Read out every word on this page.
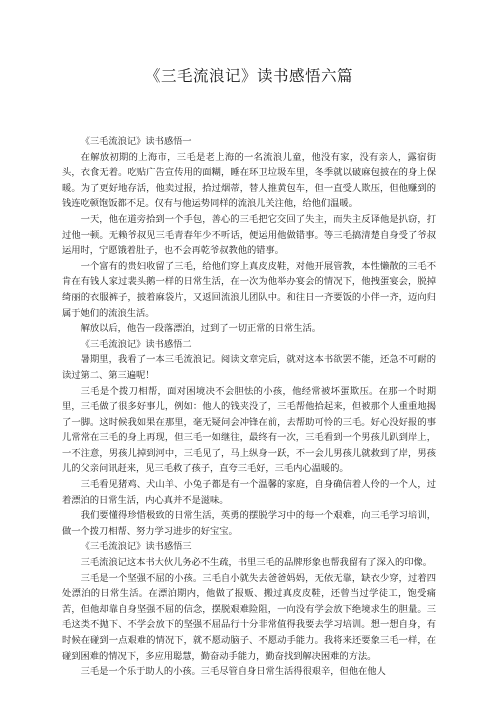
《三毛流浪记》读书感悟六篇

《三毛流浪记》读书感悟一

在解放初期的上海市，三毛是老上海的一名流浪儿童，他没有家，没有亲人，露宿街头，衣食无着。吃贴广告宣传用的面糊，睡在环卫垃圾车里，冬季就以破麻包披在的身上保暖。为了更好地存活，他卖过报，拾过烟蒂，替人推黄包车，但一直受人欺压，但他赚到的钱连吃顿饱饭都不足。仅有与他运势同样的流浪儿关注他，给他们温暖。

一天，他在道旁拾到一个手包，善心的三毛把它交回了失主，而失主反译他是扒窃，打过他一顿。无赖爷叔见三毛青春年少不听话，便运用他做错事。等三毛搞清楚自身受了爷叔运用时，宁愿饿着肚子，也不会再乾爷叔教他的错事。

一个富有的贵妇收留了三毛，给他们穿上真皮皮鞋，对他开展管教，本性懒散的三毛不肯在有钱人家过裴头鹅一样的日常生活，在一次为他举办宴会的情况下，他拽蛋宴会，脱掉绮丽的衣服裤子，披着麻袋片，又返回流浪儿团队中。和往日一齐要饭的小伴一齐，迈向归属于她们的流浪生活。

解放以后，他告一段落漂泊，过到了一切正常的日常生活。

《三毛流浪记》读书感悟二

暑期里，我看了一本三毛流浪记。阅读文章完后，就对这本书欲罢不能，还急不可耐的读过第二、第三遍呢！

三毛是个拨刀相帮，面对困境决不会胆怯的小孩，他经常被坏蛋欺压。在那一个时期里，三毛做了很多好事儿，例如：他人的钱夹没了，三毛帮他拾起来，但被那个人重重地揭了一脚。这时候我如果在那里，毫无疑问会冲锋在前，去帮助可怜的三毛。好心没好报的事儿常常在三毛的身上再现，但三毛一如继往，最终有一次，三毛看到一个男孩儿趴到岸上，一不注意，男孩儿掉到河中，三毛见了，马上纵身一跃，不一会儿男孩儿就救到了岸，男孩儿的父亲问讯赶来，见三毛救了孩子，直夸三毛好，三毛内心温暖的。

三毛看见猪鸡、犬山羊、小兔子都是有一个温馨的家庭，自身确信着人伶的一个人，过着漂泊的日常生活，内心真并不是滋味。

我们要懂得珍惜极致的日常生活，英勇的摆脱学习中的每一个艰难，向三毛学习培训，做一个拨刀相帮、努力学习进步的好宝宝。

《三毛流浪记》读书感悟三

三毛流浪记这本书大伙儿务必不生疏，书里三毛的品牌形象也帮我留有了深入的印像。

三毛是一个坚强不屈的小孩。三毛自小就失去爸爸妈妈，无依无靠，缺衣少穿，过着四处漂泊的日常生活。在漂泊期内，他做了报贩、搬过真皮皮鞋，还曾当过学徒工，饱受痛苦，但他却靠自身坚强不屈的信念，摆脱艰难险阻，一向没有学会放下绝境求生的胆量。三毛这类不抛下、不学会放下的坚强不屈品行十分非常值得我要去学习培训。想一想自身，有时候在碰到一点艰难的情况下，就不愿动脑子、不愿动手能力。我将来还要象三毛一样，在碰到困难的情况下，多应用聪慧，勤奋动手能力，勤奋找到解决困难的方法。

三毛是一个乐于助人的小孩。三毛尽管自身日常生活得很艰辛，但他在他人
